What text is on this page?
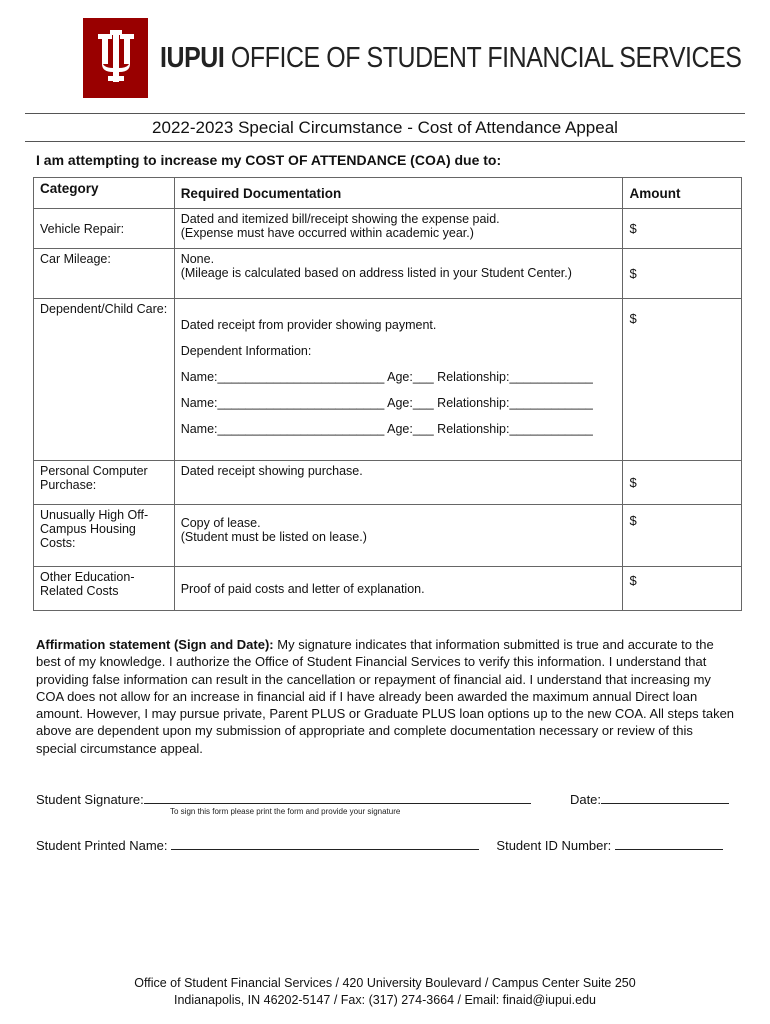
IUPUI OFFICE OF STUDENT FINANCIAL SERVICES
2022-2023 Special Circumstance - Cost of Attendance Appeal
I am attempting to increase my COST OF ATTENDANCE (COA) due to:
Category	Required Documentation	Amount
Vehicle Repair:	Dated and itemized bill/receipt showing the expense paid.
(Expense must have occurred within academic year.)	$
Car Mileage:	None.
(Mileage is calculated based on address listed in your Student Center.)	$
Dependent/Child Care:	Dated receipt from provider showing payment.
Dependent Information:
Name:________________________ Age:___ Relationship:____________
Name:________________________ Age:___ Relationship:____________
Name:________________________ Age:___ Relationship:____________	$
Personal Computer Purchase:	Dated receipt showing purchase.	$
Unusually High Off-Campus Housing Costs:	Copy of lease.
(Student must be listed on lease.)	$
Other Education-Related Costs	Proof of paid costs and letter of explanation.	$
Affirmation statement (Sign and Date): My signature indicates that information submitted is true and accurate to the best of my knowledge. I authorize the Office of Student Financial Services to verify this information. I understand that providing false information can result in the cancellation or repayment of financial aid. I understand that increasing my COA does not allow for an increase in financial aid if I have already been awarded the maximum annual Direct loan amount. However, I may pursue private, Parent PLUS or Graduate PLUS loan options up to the new COA. All steps taken above are dependent upon my submission of appropriate and complete documentation necessary or review of this special circumstance appeal.
Student Signature:	Date:
To sign this form please print the form and provide your signature
Student Printed Name:	Student ID Number:
Office of Student Financial Services / 420 University Boulevard / Campus Center Suite 250
Indianapolis, IN 46202-5147 / Fax: (317) 274-3664 / Email: finaid@iupui.edu
